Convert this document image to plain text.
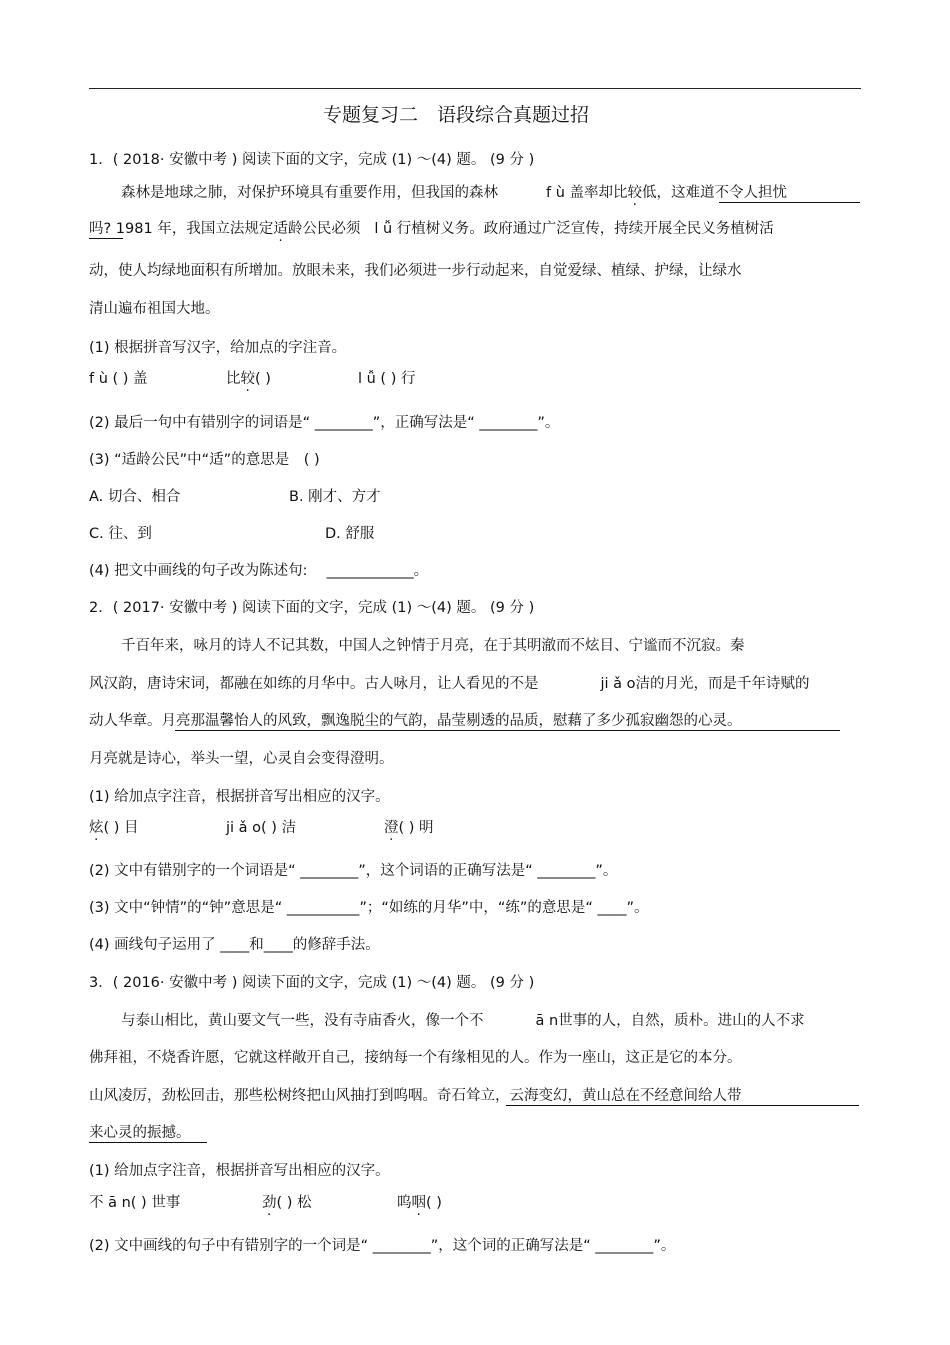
专题复习二　语段综合真题过招
1．( 2018· 安徽中考 ) 阅读下面的文字，完成 (1) ～(4) 题。 (9 分 )
森林是地球之肺，对保护环境具有重要作用，但我国的森林	f ù 盖率却比较低，这难道不令人担忧
吗? 1981 年，我国立法规定适龄公民必须 l ǚ 行植树义务。政府通过广泛宣传，持续开展全民义务植树活
动，使人均绿地面积有所增加。放眼未来，我们必须进一步行动起来，自觉爱绿、植绿、护绿，让绿水
清山遍布祖国大地。
(1) 根据拼音写汉字，给加点的字注音。
f ù ( ) 盖	比较( )	l ǚ ( ) 行
(2) 最后一句中有错别字的词语是“ ________”，正确写法是“ ________”。
(3) “适龄公民”中“适”的意思是　( )
A. 切合、相合	B. 刚才、方才
C. 往、到	D. 舒服
(4) 把文中画线的句子改为陈述句:　 ____________。
2．( 2017· 安徽中考 ) 阅读下面的文字，完成 (1) ～(4) 题。 (9 分 )
千百年来，咏月的诗人不记其数，中国人之钟情于月亮，在于其明澈而不炫目、宁谧而不沉寂。秦
风汉韵，唐诗宋词，都融在如练的月华中。古人咏月，让人看见的不是	ji ǎ o洁的月光，而是千年诗赋的
动人华章。月亮那温馨怡人的风致，飘逸脱尘的气韵，晶莹剔透的品质，慰藉了多少孤寂幽怨的心灵。
月亮就是诗心，举头一望，心灵自会变得澄明。
(1) 给加点字注音，根据拼音写出相应的汉字。
炫( ) 目	ji ǎ o( ) 洁	澄( ) 明
(2) 文中有错别字的一个词语是“ ________”，这个词语的正确写法是“ ________”。
(3) 文中“钟情”的“钟”意思是“ __________”；“如练的月华”中，“练”的意思是“ ____”。
(4) 画线句子运用了 ____和____的修辞手法。
3．( 2016· 安徽中考 ) 阅读下面的文字，完成 (1) ～(4) 题。 (9 分 )
与泰山相比，黄山要文气一些，没有寺庙香火，像一个不	ā n世事的人，自然，质朴。进山的人不求
佛拜祖，不烧香许愿，它就这样敞开自己，接纳每一个有缘相见的人。作为一座山，这正是它的本分。
山风凌厉，劲松回击，那些松树终把山风抽打到呜咽。奇石耸立，云海变幻，黄山总在不经意间给人带
来心灵的振撼。
(1) 给加点字注音，根据拼音写出相应的汉字。
不 ā n( ) 世事	劲( ) 松	呜咽( )
(2) 文中画线的句子中有错别字的一个词是“ ________”，这个词的正确写法是“ ________”。
